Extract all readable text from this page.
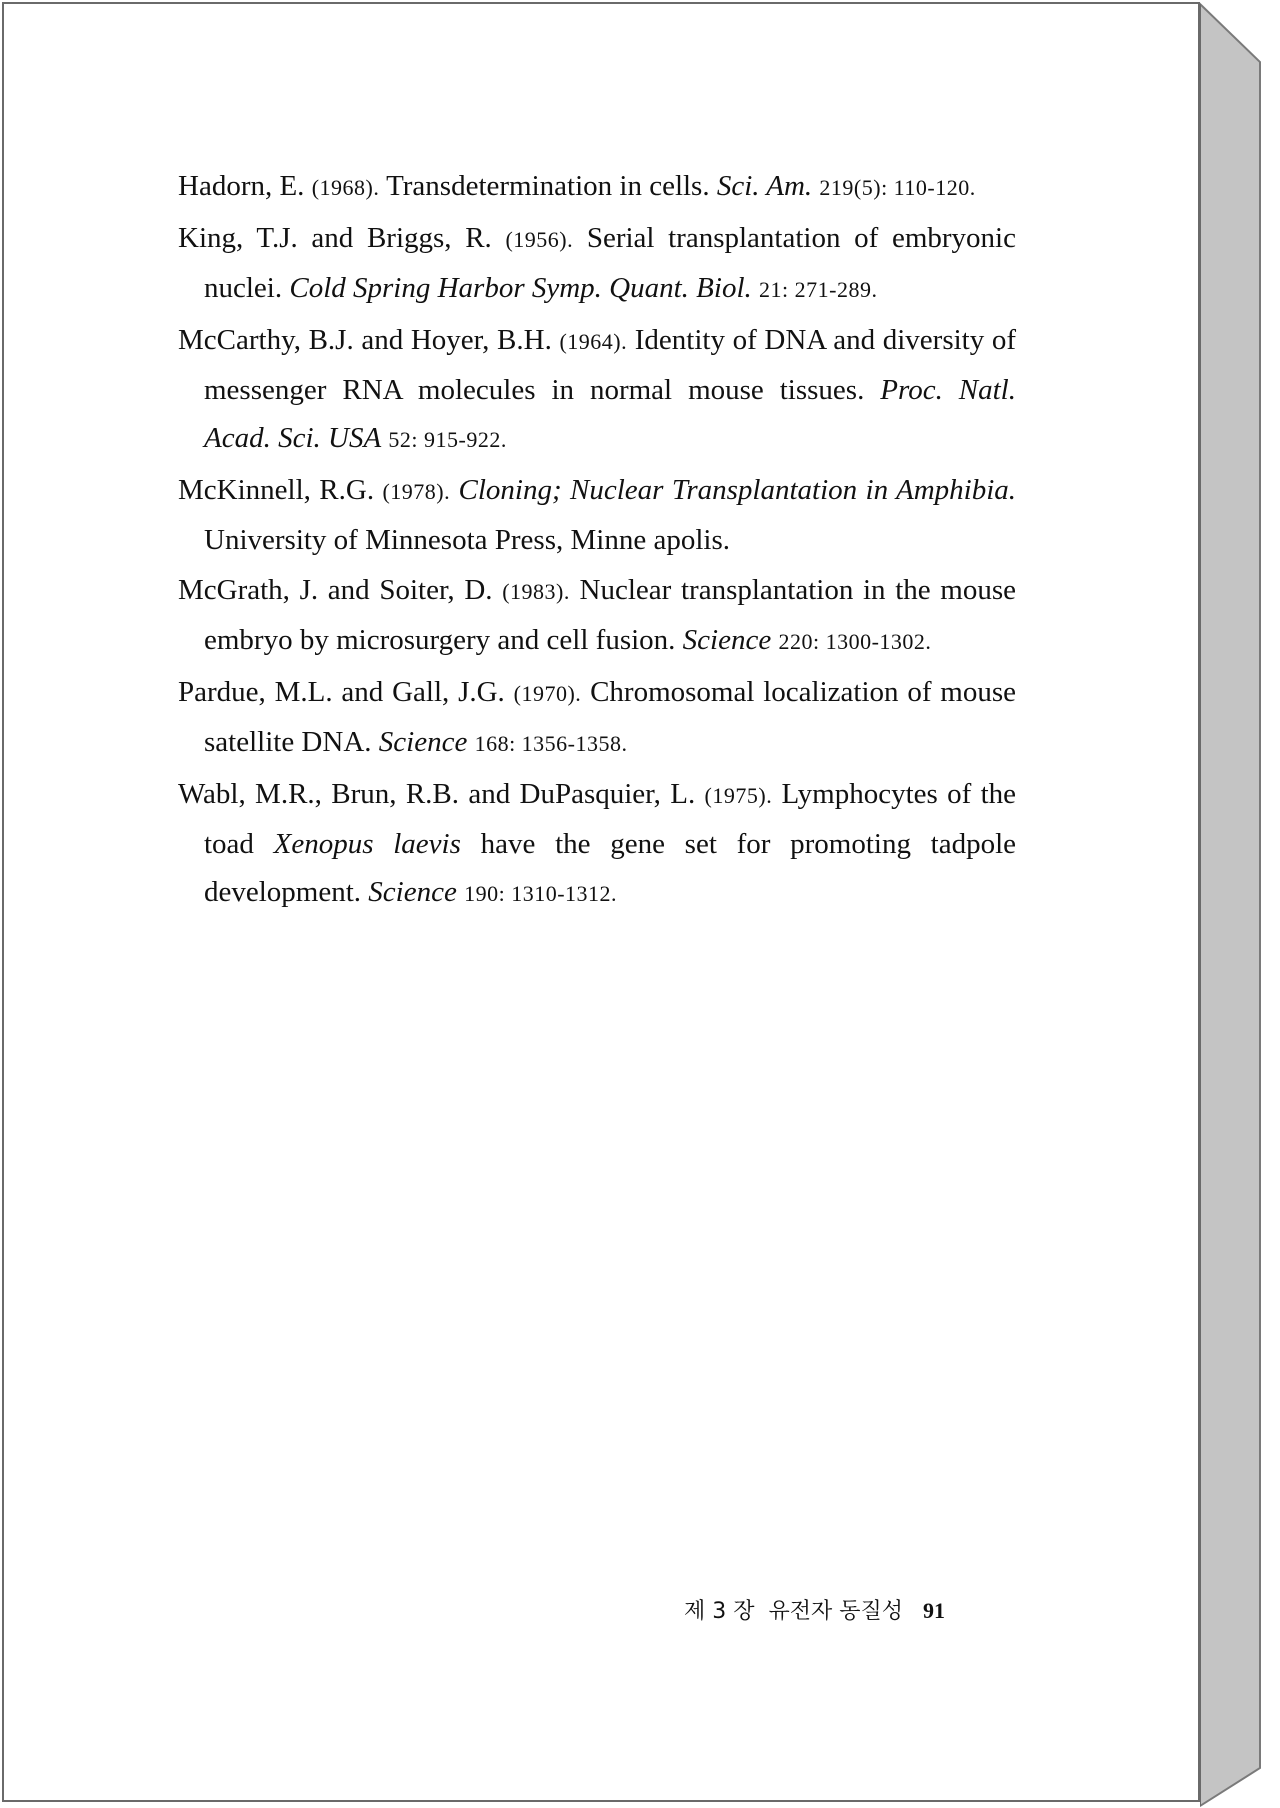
Hadorn, E. (1968). Transdetermination in cells. Sci. Am. 219(5): 110-120.

King, T.J. and Briggs, R. (1956). Serial transplantation of embryonic nuclei. Cold Spring Harbor Symp. Quant. Biol. 21: 271-289.

McCarthy, B.J. and Hoyer, B.H. (1964). Identity of DNA and diversity of messenger RNA molecules in normal mouse tissues. Proc. Natl. Acad. Sci. USA 52: 915-922.

McKinnell, R.G. (1978). Cloning; Nuclear Transplantation in Amphibia. University of Minnesota Press, Minne apolis.

McGrath, J. and Soiter, D. (1983). Nuclear transplantation in the mouse embryo by microsurgery and cell fusion. Science 220: 1300-1302.

Pardue, M.L. and Gall, J.G. (1970). Chromosomal localization of mouse satellite DNA. Science 168: 1356-1358.

Wabl, M.R., Brun, R.B. and DuPasquier, L. (1975). Lymphocytes of the toad Xenopus laevis have the gene set for promoting tadpole development. Science 190: 1310-1312.

제 3 장 유전자 동질성 91
